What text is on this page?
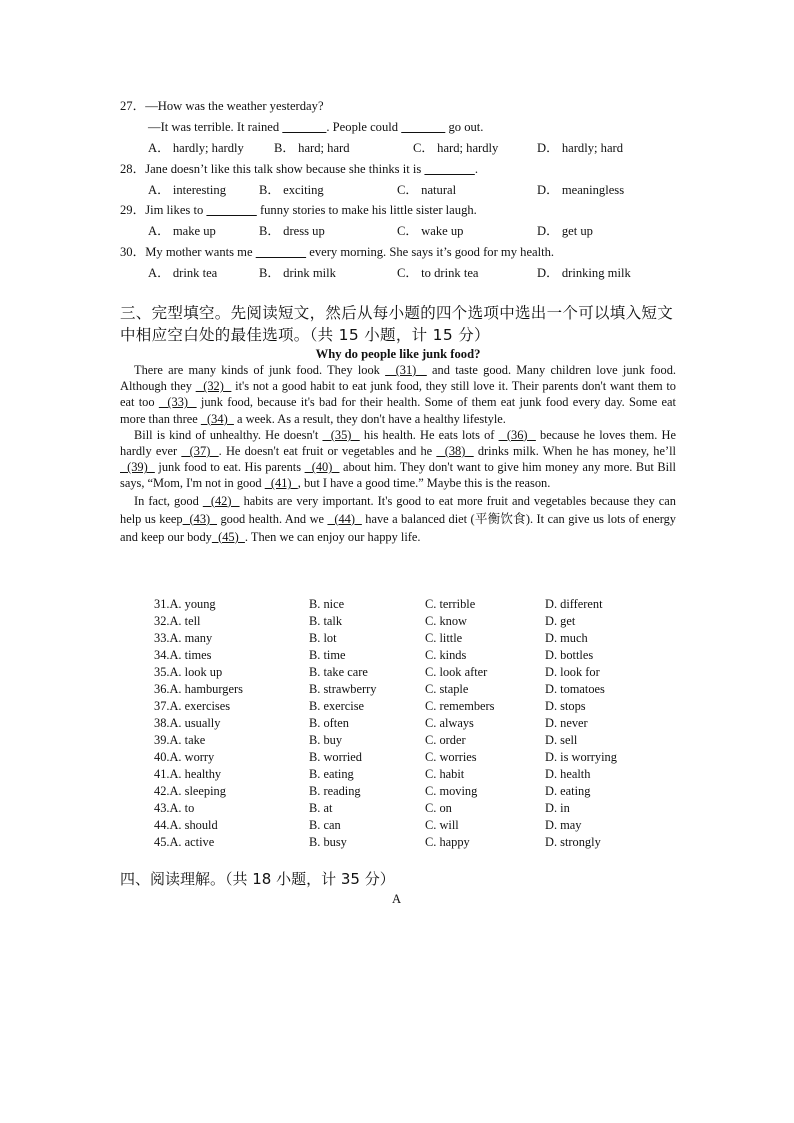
27．—How was the weather yesterday?
—It was terrible. It rained	. People could	go out.
A． hardly; hardly B． hard; hard	C． hard; hardly	D． hardly; hard
28．Jane doesn’t like this talk show because she thinks it is	.
A． interesting	B． exciting	C． natural	D． meaningless
29．Jim likes to	funny stories to make his little sister laugh.
A． make up	B． dress up	C． wake up	D． get up
30．My mother wants me	every morning. She says it’s good for my health.
A． drink tea	B． drink milk	C． to drink tea	D． drinking milk
三、完型填空。先阅读短文，然后从每小题的四个选项中选出一个可以填入短文
中相应空白处的最佳选项。（共 15 小题，计 15 分）
Why do people like junk food?

There are many kinds of junk food. They look   (31)   and taste good. Many children love junk food. Although they   (32)   it's not a good habit to eat junk food, they still love it. Their parents don't want them to eat too   (33)   junk food, because it's bad for their health. Some of them eat junk food every day. Some eat more than three   (34)   a week. As a result, they don't have a healthy lifestyle.

Bill is kind of unhealthy. He doesn't   (35)   his health. He eats lots of   (36)   because he loves them. He hardly ever   (37)  . He doesn't eat fruit or vegetables and he   (38)   drinks milk. When he has money, he’ll   (39)   junk food to eat. His parents   (40)   about him. They don't want to give him money any more. But Bill says, “Mom, I'm not in good   (41)  , but I have a good time.” Maybe this is the reason.

In fact, good   (42)   habits are very important. It's good to eat more fruit and vegetables because they can help us keep  (43)   good health. And we   (44)   have a balanced diet (平衡饮食). It can give us lots of energy and keep our body  (45)  . Then we can enjoy our happy life.

31.A. young	B. nice	C. terrible	D. different
32.A. tell	B. talk	C. know	D. get
33.A. many	B. lot	C. little	D. much
34.A. times	B. time	C. kinds	D. bottles
35.A. look up	B. take care	C. look after	D. look for
36.A. hamburgers	B. strawberry	C. staple	D. tomatoes
37.A. exercises	B. exercise	C. remembers	D. stops
38.A. usually	B. often	C. always	D. never
39.A. take	B. buy	C. order	D. sell
40.A. worry	B. worried	C. worries	D. is worrying
41.A. healthy	B. eating	C. habit	D. health
42.A. sleeping	B. reading	C. moving	D. eating
43.A. to	B. at	C. on	D. in
44.A. should	B. can	C. will	D. may
45.A. active	B. busy	C. happy	D. strongly
四、阅读理解。（共 18 小题，计 35 分）
A
